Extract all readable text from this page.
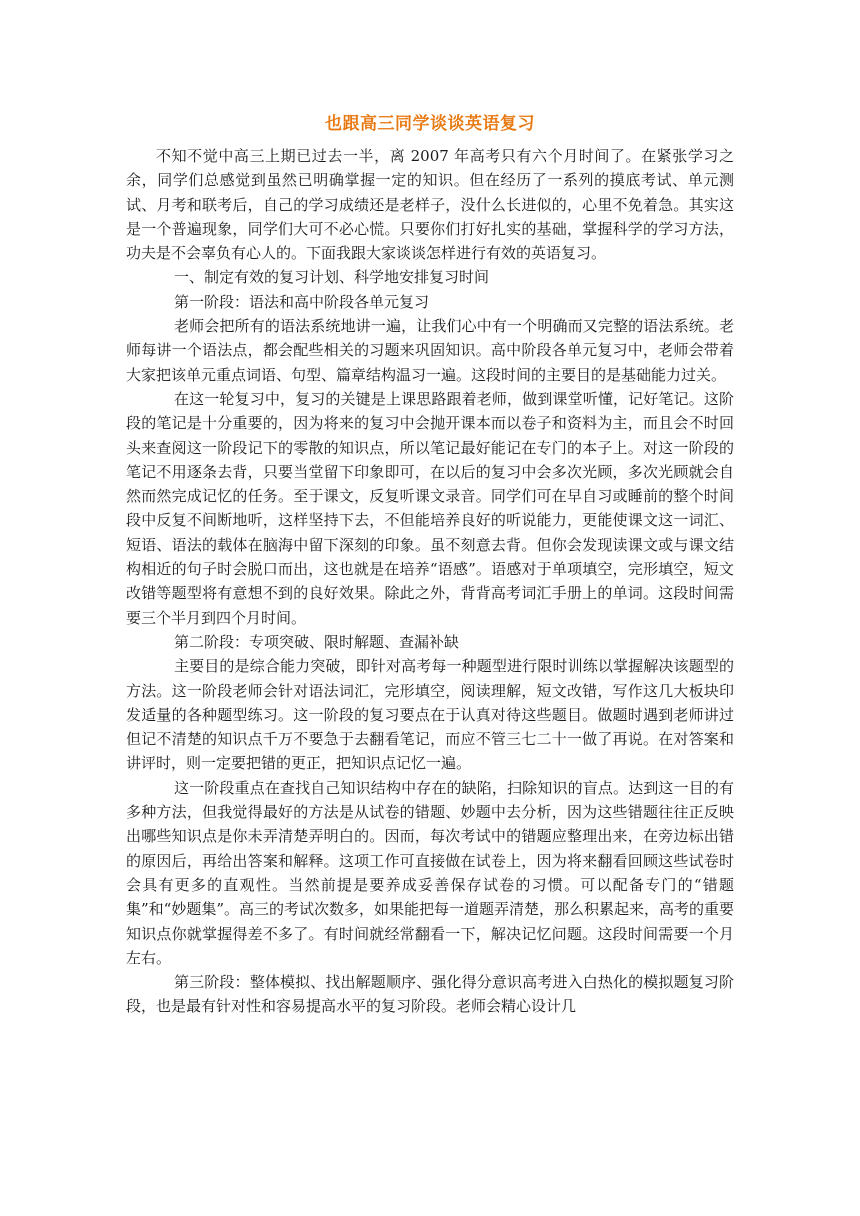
也跟高三同学谈谈英语复习

不知不觉中高三上期已过去一半，离 2007 年高考只有六个月时间了。在紧张学习之余，同学们总感觉到虽然已明确掌握一定的知识。但在经历了一系列的摸底考试、单元测试、月考和联考后，自己的学习成绩还是老样子，没什么长进似的，心里不免着急。其实这是一个普遍现象，同学们大可不必心慌。只要你们打好扎实的基础，掌握科学的学习方法，功夫是不会辜负有心人的。下面我跟大家谈谈怎样进行有效的英语复习。

一、制定有效的复习计划、科学地安排复习时间

第一阶段：语法和高中阶段各单元复习

老师会把所有的语法系统地讲一遍，让我们心中有一个明确而又完整的语法系统。老师每讲一个语法点，都会配些相关的习题来巩固知识。高中阶段各单元复习中，老师会带着大家把该单元重点词语、句型、篇章结构温习一遍。这段时间的主要目的是基础能力过关。

在这一轮复习中，复习的关键是上课思路跟着老师，做到课堂听懂，记好笔记。这阶段的笔记是十分重要的，因为将来的复习中会抛开课本而以卷子和资料为主，而且会不时回头来查阅这一阶段记下的零散的知识点，所以笔记最好能记在专门的本子上。对这一阶段的笔记不用逐条去背，只要当堂留下印象即可，在以后的复习中会多次光顾，多次光顾就会自然而然完成记忆的任务。至于课文，反复听课文录音。同学们可在早自习或睡前的整个时间段中反复不间断地听，这样坚持下去，不但能培养良好的听说能力，更能使课文这一词汇、短语、语法的载体在脑海中留下深刻的印象。虽不刻意去背。但你会发现读课文或与课文结构相近的句子时会脱口而出，这也就是在培养“语感”。语感对于单项填空，完形填空，短文改错等题型将有意想不到的良好效果。除此之外，背背高考词汇手册上的单词。这段时间需要三个半月到四个月时间。

第二阶段：专项突破、限时解题、查漏补缺

主要目的是综合能力突破，即针对高考每一种题型进行限时训练以掌握解决该题型的方法。这一阶段老师会针对语法词汇，完形填空，阅读理解，短文改错，写作这几大板块印发适量的各种题型练习。这一阶段的复习要点在于认真对待这些题目。做题时遇到老师讲过但记不清楚的知识点千万不要急于去翻看笔记，而应不管三七二十一做了再说。在对答案和讲评时，则一定要把错的更正，把知识点记忆一遍。

这一阶段重点在查找自己知识结构中存在的缺陷，扫除知识的盲点。达到这一目的有多种方法，但我觉得最好的方法是从试卷的错题、妙题中去分析，因为这些错题往往正反映出哪些知识点是你未弄清楚弄明白的。因而，每次考试中的错题应整理出来，在旁边标出错的原因后，再给出答案和解释。这项工作可直接做在试卷上，因为将来翻看回顾这些试卷时会具有更多的直观性。当然前提是要养成妥善保存试卷的习惯。可以配备专门的“错题集”和“妙题集”。高三的考试次数多，如果能把每一道题弄清楚，那么积累起来，高考的重要知识点你就掌握得差不多了。有时间就经常翻看一下，解决记忆问题。这段时间需要一个月左右。

第三阶段：整体模拟、找出解题顺序、强化得分意识高考进入白热化的模拟题复习阶段，也是最有针对性和容易提高水平的复习阶段。老师会精心设计几
